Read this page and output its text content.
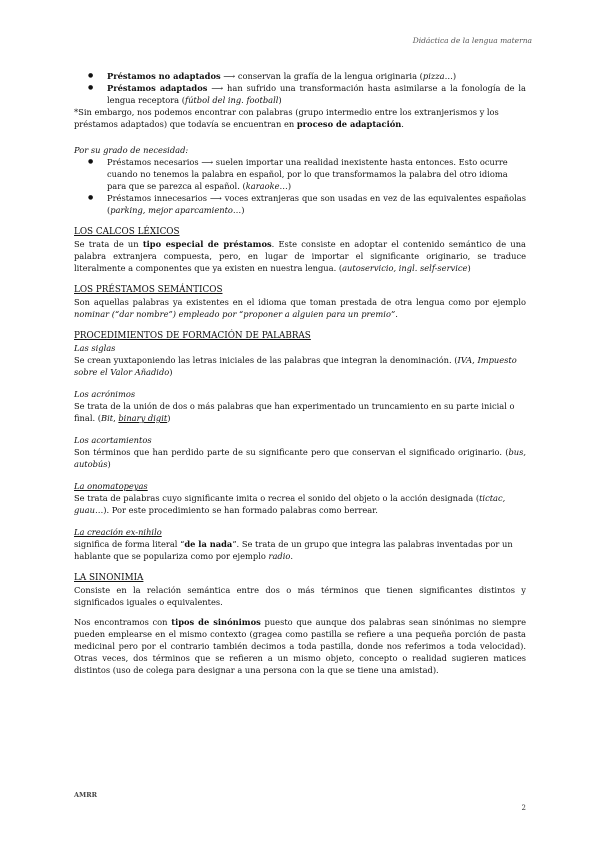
Didáctica de la lengua materna
● Préstamos no adaptados ⟶ conservan la grafía de la lengua originaria (pizza…)
● Préstamos adaptados ⟶ han sufrido una transformación hasta asimilarse a la fonología de la lengua receptora (fútbol del ing. football)

*Sin embargo, nos podemos encontrar con palabras (grupo intermedio entre los extranjerismos y los préstamos adaptados) que todavía se encuentran en proceso de adaptación.

Por su grado de necesidad:

● Préstamos necesarios ⟶ suelen importar una realidad inexistente hasta entonces. Esto ocurre cuando no tenemos la palabra en español, por lo que transformamos la palabra del otro idioma para que se parezca al español. (karaoke…)
● Préstamos innecesarios ⟶ voces extranjeras que son usadas en vez de las equivalentes españolas (parking, mejor aparcamiento…)

LOS CALCOS LÉXICOS

Se trata de un tipo especial de préstamos. Este consiste en adoptar el contenido semántico de una palabra extranjera compuesta, pero, en lugar de importar el significante originario, se traduce literalmente a componentes que ya existen en nuestra lengua. (autoservicio, ingl. self-service)

LOS PRÉSTAMOS SEMÁNTICOS

Son aquellas palabras ya existentes en el idioma que toman prestada de otra lengua como por ejemplo nominar (“dar nombre”) empleado por “proponer a alguien para un premio”.

PROCEDIMIENTOS DE FORMACIÓN DE PALABRAS

Las siglas

Se crean yuxtaponiendo las letras iniciales de las palabras que integran la denominación. (IVA, Impuesto sobre el Valor Añadido)

Los acrónimos

Se trata de la unión de dos o más palabras que han experimentado un truncamiento en su parte inicial o final. (Bit, binary digit)

Los acortamientos

Son términos que han perdido parte de su significante pero que conservan el significado originario. (bus, autobús)

La onomatopeyas

Se trata de palabras cuyo significante imita o recrea el sonido del objeto o la acción designada (tictac, guau…). Por este procedimiento se han formado palabras como berrear.

La creación ex-nihilo

significa de forma literal “de la nada”. Se trata de un grupo que integra las palabras inventadas por un hablante que se populariza como por ejemplo radio.

LA SINONIMIA

Consiste en la relación semántica entre dos o más términos que tienen significantes distintos y significados iguales o equivalentes.

Nos encontramos con tipos de sinónimos puesto que aunque dos palabras sean sinónimas no siempre pueden emplearse en el mismo contexto (gragea como pastilla se refiere a una pequeña porción de pasta medicinal pero por el contrario también decimos a toda pastilla, donde nos referimos a toda velocidad). Otras veces, dos términos que se refieren a un mismo objeto, concepto o realidad sugieren matices distintos (uso de colega para designar a una persona con la que se tiene una amistad).

AMRR
2
